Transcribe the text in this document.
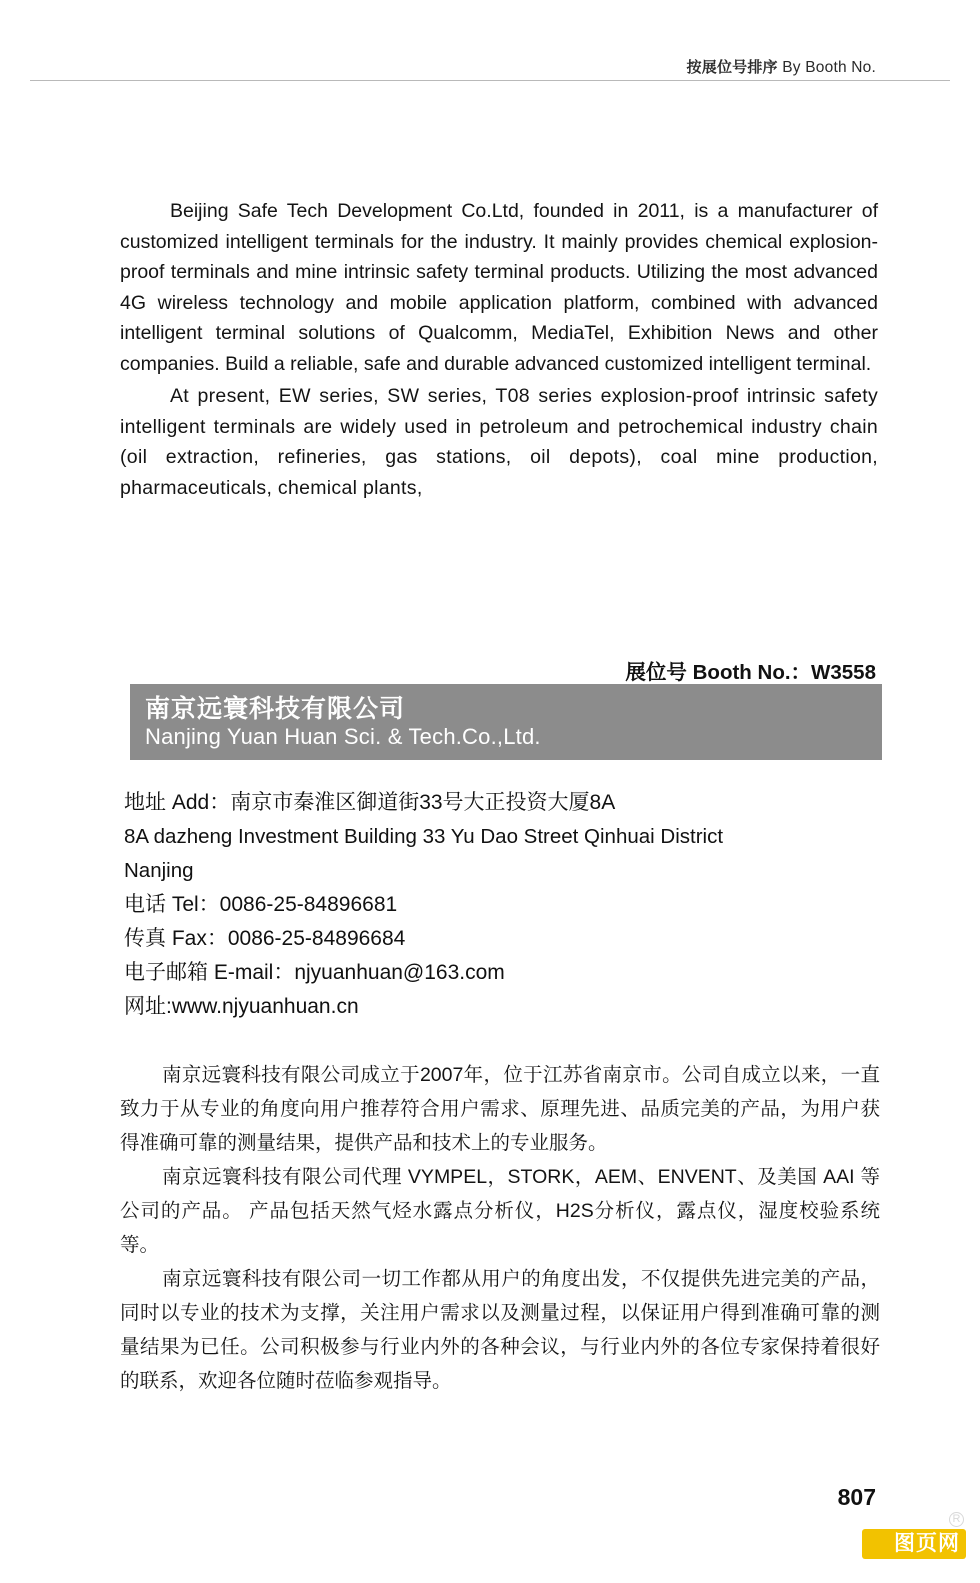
按展位号排序 By Booth No.

Beijing Safe Tech Development Co.Ltd, founded in 2011, is a manufacturer of customized intelligent terminals for the industry. It mainly provides chemical explosion-proof terminals and mine intrinsic safety terminal products. Utilizing the most advanced 4G wireless technology and mobile application platform, combined with advanced intelligent terminal solutions of Qualcomm, MediaTel, Exhibition News and other companies. Build a reliable, safe and durable advanced customized intelligent terminal.

At present, EW series, SW series, T08 series explosion-proof intrinsic safety intelligent terminals are widely used in petroleum and petrochemical industry chain (oil extraction, refineries, gas stations, oil depots), coal mine production, pharmaceuticals, chemical plants,

展位号 Booth No.：W3558
南京远寰科技有限公司
Nanjing Yuan Huan Sci. & Tech.Co.,Ltd.
地址 Add：南京市秦淮区御道街33号大正投资大厦8A
8A dazheng Investment Building 33 Yu Dao Street Qinhuai District
Nanjing
电话 Tel：0086-25-84896681
传真 Fax：0086-25-84896684
电子邮箱 E-mail：njyuanhuan@163.com
网址:www.njyuanhuan.cn

南京远寰科技有限公司成立于2007年，位于江苏省南京市。公司自成立以来，一直致力于从专业的角度向用户推荐符合用户需求、原理先进、品质完美的产品，为用户获得准确可靠的测量结果，提供产品和技术上的专业服务。

南京远寰科技有限公司代理 VYMPEL，STORK，AEM、ENVENT、及美国 AAI 等公司的产品。 产品包括天然气烃水露点分析仪，H2S分析仪，露点仪，湿度校验系统等。

南京远寰科技有限公司一切工作都从用户的角度出发，不仅提供先进完美的产品，同时以专业的技术为支撑，关注用户需求以及测量过程，以保证用户得到准确可靠的测量结果为已任。公司积极参与行业内外的各种会议，与行业内外的各位专家保持着很好的联系，欢迎各位随时莅临参观指导。

807
图页网
R
